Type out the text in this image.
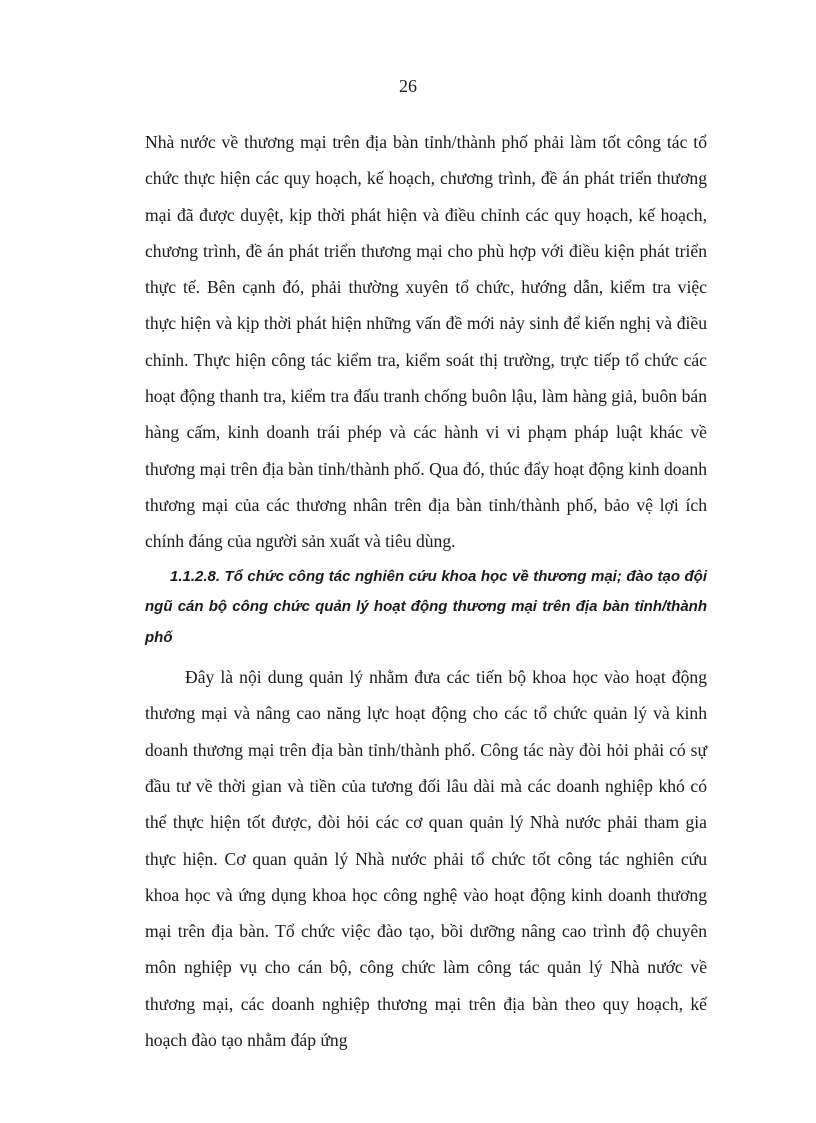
26

Nhà nước về thương mại trên địa bàn tỉnh/thành phố phải làm tốt công tác tổ chức thực hiện các quy hoạch, kế hoạch, chương trình, đề án phát triển thương mại đã được duyệt, kịp thời phát hiện và điều chỉnh các quy hoạch, kế hoạch, chương trình, đề án phát triển thương mại cho phù hợp với điều kiện phát triển thực tế. Bên cạnh đó, phải thường xuyên tổ chức, hướng dẫn, kiểm tra việc thực hiện và kịp thời phát hiện những vấn đề mới nảy sinh để kiến nghị và điều chỉnh. Thực hiện công tác kiểm tra, kiểm soát thị trường, trực tiếp tổ chức các hoạt động thanh tra, kiểm tra đấu tranh chống buôn lậu, làm hàng giả, buôn bán hàng cấm, kinh doanh trái phép và các hành vi vi phạm pháp luật khác về thương mại trên địa bàn tỉnh/thành phố. Qua đó, thúc đẩy hoạt động kinh doanh thương mại của các thương nhân trên địa bàn tỉnh/thành phố, bảo vệ lợi ích chính đáng của người sản xuất và tiêu dùng.

1.1.2.8. Tổ chức công tác nghiên cứu khoa học về thương mại; đào tạo đội ngũ cán bộ công chức quản lý hoạt động thương mại trên địa bàn tỉnh/thành phố

Đây là nội dung quản lý nhằm đưa các tiến bộ khoa học vào hoạt động thương mại và nâng cao năng lực hoạt động cho các tổ chức quản lý và kinh doanh thương mại trên địa bàn tỉnh/thành phố. Công tác này đòi hỏi phải có sự đầu tư về thời gian và tiền của tương đối lâu dài mà các doanh nghiệp khó có thể thực hiện tốt được, đòi hỏi các cơ quan quản lý Nhà nước phải tham gia thực hiện. Cơ quan quản lý Nhà nước phải tổ chức tốt công tác nghiên cứu khoa học và ứng dụng khoa học công nghệ vào hoạt động kinh doanh thương mại trên địa bàn. Tổ chức việc đào tạo, bồi dưỡng nâng cao trình độ chuyên môn nghiệp vụ cho cán bộ, công chức làm công tác quản lý Nhà nước về thương mại, các doanh nghiệp thương mại trên địa bàn theo quy hoạch, kế hoạch đào tạo nhằm đáp ứng
